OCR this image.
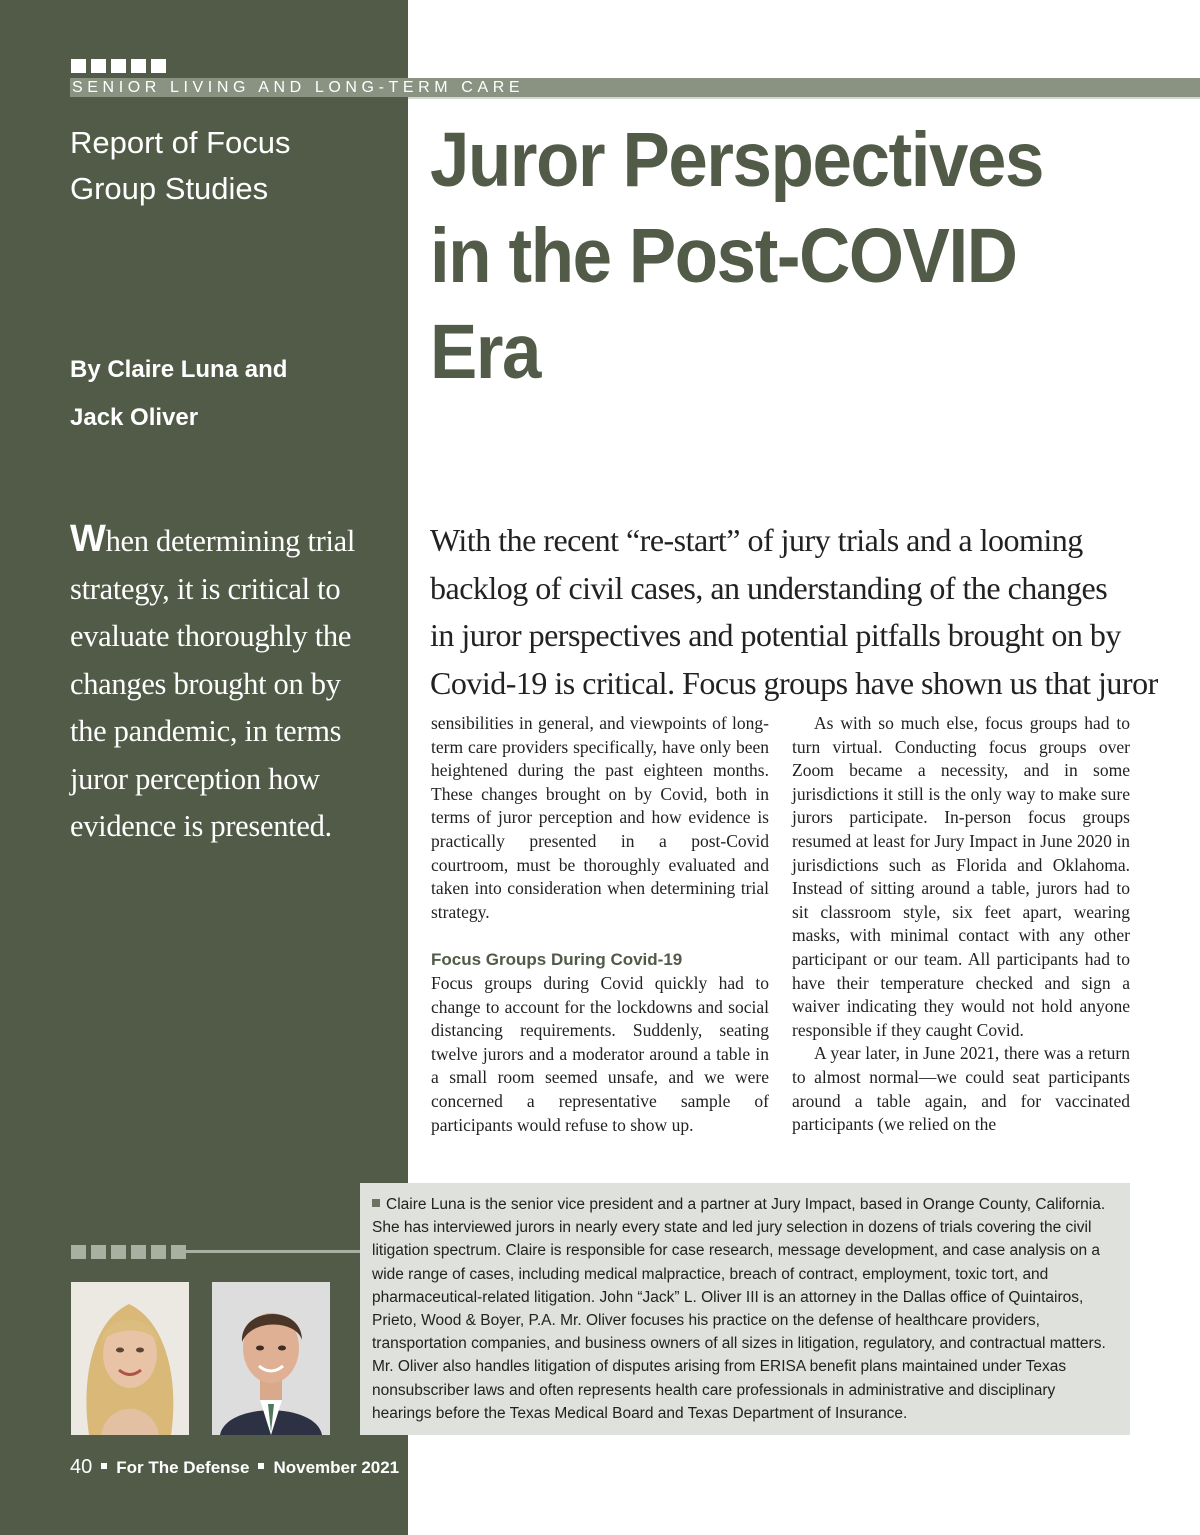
SENIOR LIVING AND LONG-TERM CARE
Report of Focus
Group Studies
By Claire Luna and
Jack Oliver
Juror Perspectives
in the Post-COVID
Era
When determining trial
strategy, it is critical to
evaluate thoroughly the
changes brought on by
the pandemic, in terms
juror perception how
evidence is presented.
With the recent “re-start” of jury trials and a looming
backlog of civil cases, an understanding of the changes
in juror perspectives and potential pitfalls brought on by
Covid-19 is critical. Focus groups have shown us that juror

sensibilities in general, and viewpoints of long-term care providers specifically, have only been heightened during the past eighteen months. These changes brought on by Covid, both in terms of juror perception and how evidence is practically presented in a post-Covid courtroom, must be thoroughly evaluated and taken into consideration when determining trial strategy.

Focus Groups During Covid-19

Focus groups during Covid quickly had to change to account for the lockdowns and social distancing requirements. Suddenly, seating twelve jurors and a moderator around a table in a small room seemed unsafe, and we were concerned a representative sample of participants would refuse to show up.

As with so much else, focus groups had to turn virtual. Conducting focus groups over Zoom became a necessity, and in some jurisdictions it still is the only way to make sure jurors participate. In-person focus groups resumed at least for Jury Impact in June 2020 in jurisdictions such as Florida and Oklahoma. Instead of sitting around a table, jurors had to sit classroom style, six feet apart, wearing masks, with minimal contact with any other participant or our team. All participants had to have their temperature checked and sign a waiver indicating they would not hold anyone responsible if they caught Covid.

A year later, in June 2021, there was a return to almost normal—we could seat participants around a table again, and for vaccinated participants (we relied on the

Claire Luna is the senior vice president and a partner at Jury Impact, based in Orange County, California. She has interviewed jurors in nearly every state and led jury selection in dozens of trials covering the civil litigation spectrum. Claire is responsible for case research, message development, and case analysis on a wide range of cases, including medical malpractice, breach of contract, employment, toxic tort, and pharmaceutical-related litigation. John “Jack” L. Oliver III is an attorney in the Dallas office of Quintairos, Prieto, Wood & Boyer, P.A. Mr. Oliver focuses his practice on the defense of healthcare providers, transportation companies, and business owners of all sizes in litigation, regulatory, and contractual matters. Mr. Oliver also handles litigation of disputes arising from ERISA benefit plans maintained under Texas nonsubscriber laws and often represents health care professionals in administrative and disciplinary hearings before the Texas Medical Board and Texas Department of Insurance.
40 For The Defense November 2021
